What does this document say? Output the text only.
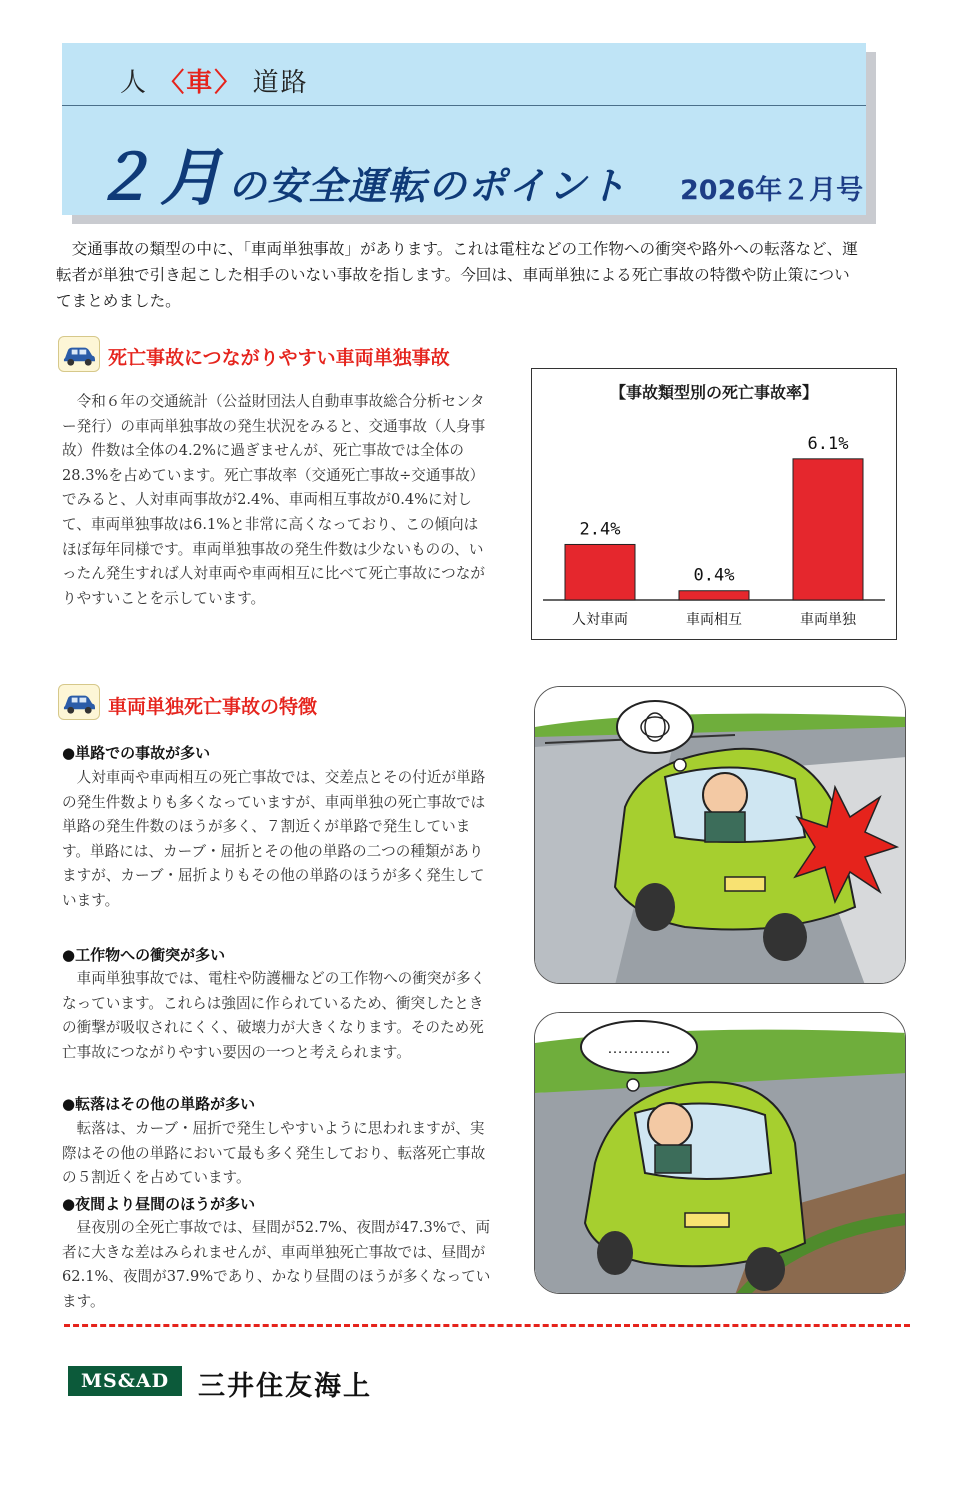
人 〈車〉 道路
２月の安全運転のポイント 2026年２月号
　交通事故の類型の中に、「車両単独事故」があります。これは電柱などの工作物への衝突や路外への転落など、運転者が単独で引き起こした相手のいない事故を指します。今回は、車両単独による死亡事故の特徴や防止策についてまとめました。
死亡事故につながりやすい車両単独事故
　令和６年の交通統計（公益財団法人自動車事故総合分析センター発行）の車両単独事故の発生状況をみると、交通事故（人身事故）件数は全体の4.2%に過ぎませんが、死亡事故では全体の28.3%を占めています。死亡事故率（交通死亡事故÷交通事故）でみると、人対車両事故が2.4%、車両相互事故が0.4%に対して、車両単独事故は6.1%と非常に高くなっており、この傾向はほぼ毎年同様です。車両単独事故の発生件数は少ないものの、いったん発生すれば人対車両や車両相互に比べて死亡事故につながりやすいことを示しています。
【事故類型別の死亡事故率】
2.4%
人対車両
0.4%
車両相互
6.1%
車両単独
車両単独死亡事故の特徴
●単路での事故が多い
　人対車両や車両相互の死亡事故では、交差点とその付近が単路の発生件数よりも多くなっていますが、車両単独の死亡事故では単路の発生件数のほうが多く、７割近くが単路で発生しています。単路には、カーブ・屈折とその他の単路の二つの種類がありますが、カーブ・屈折よりもその他の単路のほうが多く発生しています。
●工作物への衝突が多い
　車両単独事故では、電柱や防護柵などの工作物への衝突が多くなっています。これらは強固に作られているため、衝突したときの衝撃が吸収されにくく、破壊力が大きくなります。そのため死亡事故につながりやすい要因の一つと考えられます。
●転落はその他の単路が多い
　転落は、カーブ・屈折で発生しやすいように思われますが、実際はその他の単路において最も多く発生しており、転落死亡事故の５割近くを占めています。
●夜間より昼間のほうが多い
　昼夜別の全死亡事故では、昼間が52.7%、夜間が47.3%で、両者に大きな差はみられませんが、車両単独死亡事故では、昼間が62.1%、夜間が37.9%であり、かなり昼間のほうが多くなっています。
…………
MS&AD	三井住友海上
